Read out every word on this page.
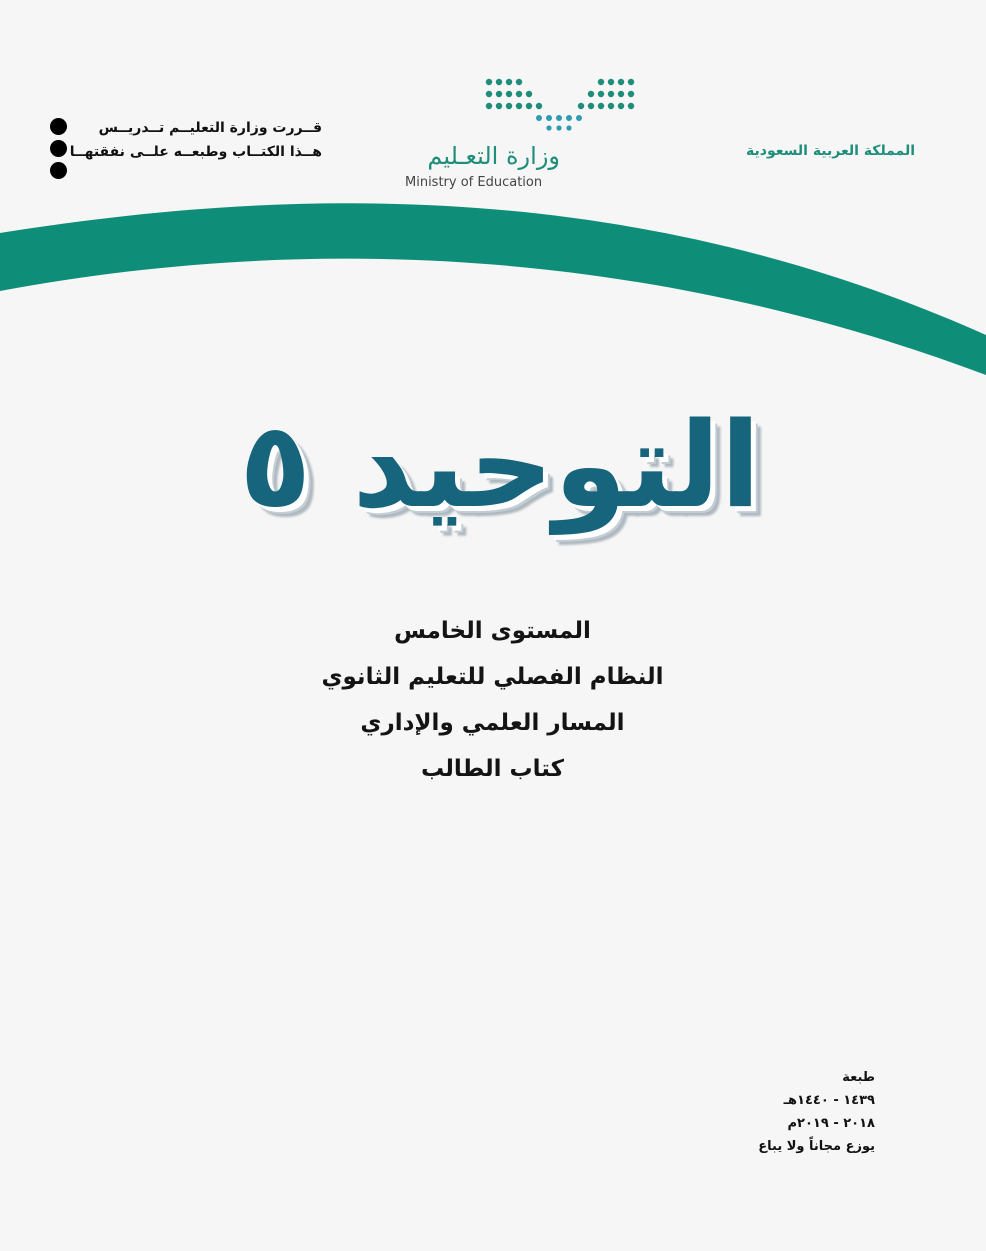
قــررت وزارة التعليــم تــدريــس
هــذا الكتــاب وطبعــه علــى نفقتهــا	وزارة التعـليم
Ministry of Education
المملكة العربية السعودية
التوحيد ٥
المستوى الخامس
النظام الفصلي للتعليم الثانوي
المسار العلمي والإداري
كتاب الطالب
طبعة
١٤٣٩ - ١٤٤٠هـ
٢٠١٨ - ٢٠١٩م
يوزع مجاناً ولا يباع
